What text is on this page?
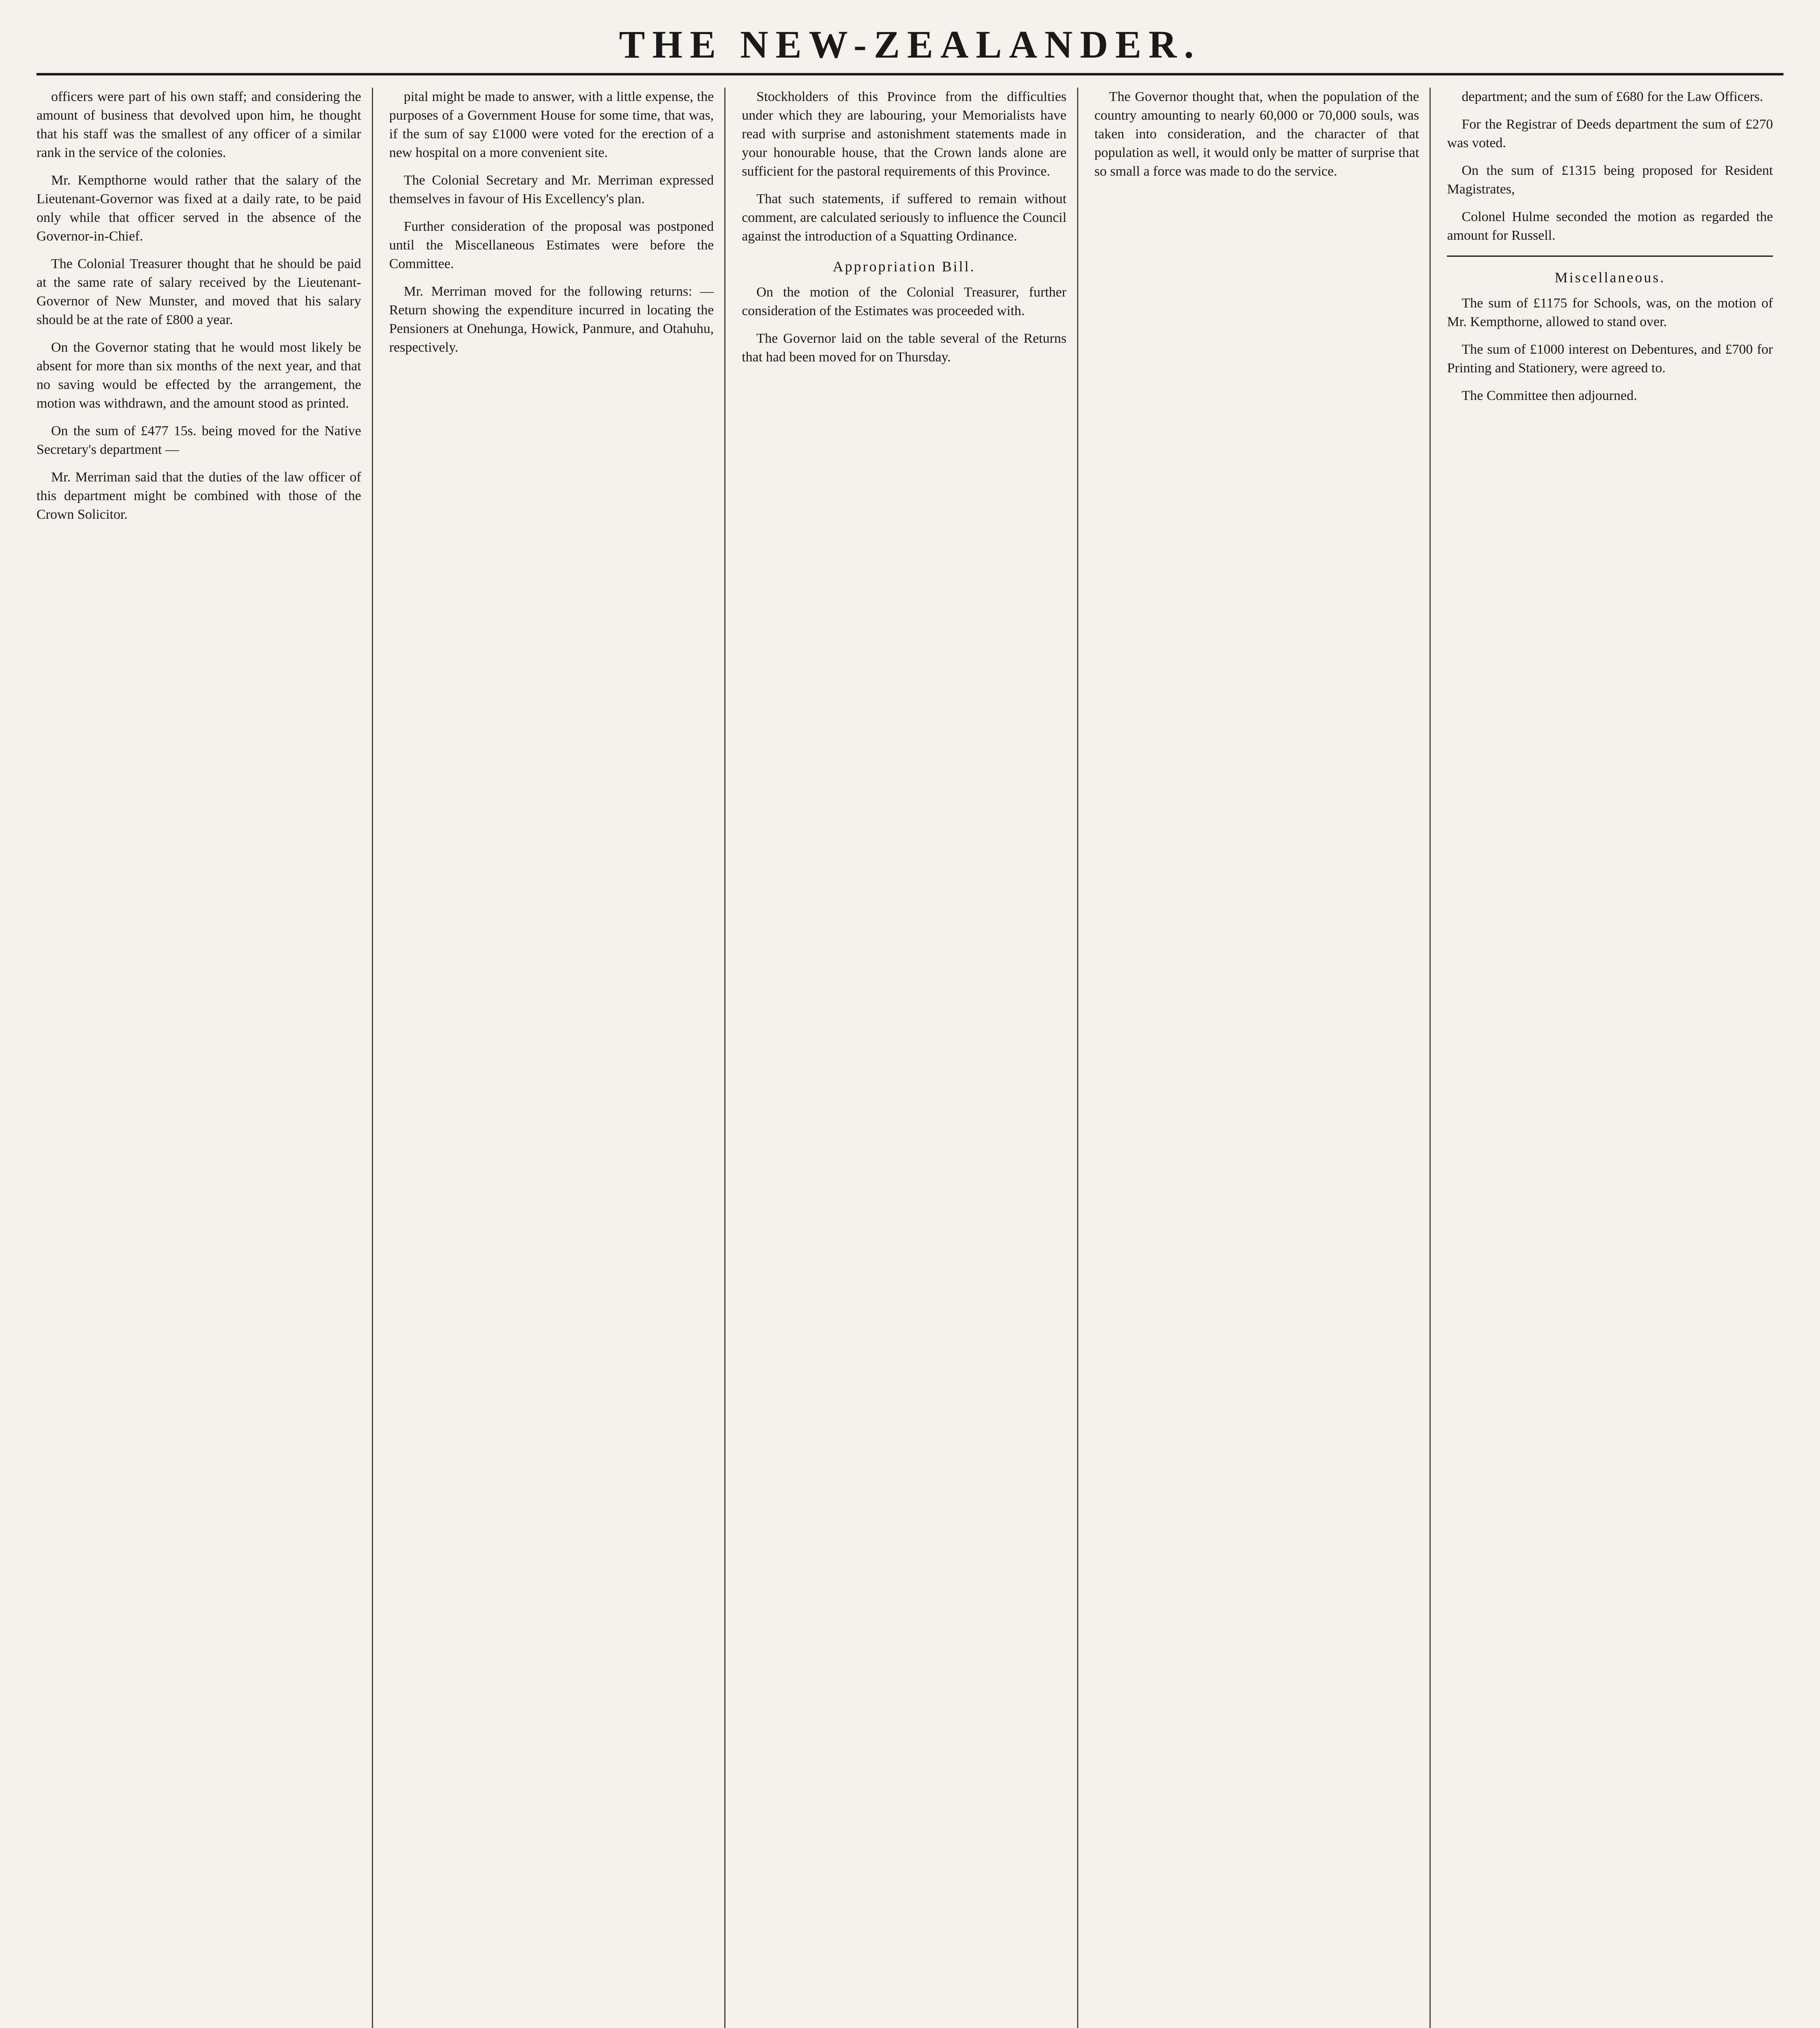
THE NEW-ZEALANDER.

officers were part of his own staff; and considering the amount of business that devolved upon him, he thought that his staff was the smallest of any officer of a similar rank in the service of the colonies.

Mr. Kempthorne would rather that the salary of the Lieutenant-Governor was fixed at a daily rate, to be paid only while that officer served in the absence of the Governor-in-Chief.

The Colonial Treasurer thought that he should be paid at the same rate of salary received by the Lieutenant-Governor of New Munster, and moved that his salary should be at the rate of £800 a year.

On the Governor stating that he would most likely be absent for more than six months of the next year, and that no saving would be effected by the arrangement, the motion was withdrawn, and the amount stood as printed.

On the sum of £477 15s. being moved for the Native Secretary's department —

Mr. Merriman said that the duties of the law officer of this department might be combined with those of the Crown Solicitor.

pital might be made to answer, with a little expense, the purposes of a Government House for some time, that was, if the sum of say £1000 were voted for the erection of a new hospital on a more convenient site.

The Colonial Secretary and Mr. Merriman expressed themselves in favour of His Excellency's plan.

Further consideration of the proposal was postponed until the Miscellaneous Estimates were before the Committee.

Mr. Merriman moved for the following returns: — Return showing the expenditure incurred in locating the Pensioners at Onehunga, Howick, Panmure, and Otahuhu, respectively.

Stockholders of this Province from the difficulties under which they are labouring, your Memorialists have read with surprise and astonishment statements made in your honourable house, that the Crown lands alone are sufficient for the pastoral requirements of this Province.

That such statements, if suffered to remain without comment, are calculated seriously to influence the Council against the introduction of a Squatting Ordinance.

Appropriation Bill.

On the motion of the Colonial Treasurer, further consideration of the Estimates was proceeded with.

The Governor laid on the table several of the Returns that had been moved for on Thursday.

The Governor thought that, when the population of the country amounting to nearly 60,000 or 70,000 souls, was taken into consideration, and the character of that population as well, it would only be matter of surprise that so small a force was made to do the service.

department; and the sum of £680 for the Law Officers.

For the Registrar of Deeds department the sum of £270 was voted.

On the sum of £1315 being proposed for Resident Magistrates,

Colonel Hulme seconded the motion as regarded the amount for Russell.

Miscellaneous.

The sum of £1175 for Schools, was, on the motion of Mr. Kempthorne, allowed to stand over.

The sum of £1000 interest on Debentures, and £700 for Printing and Stationery, were agreed to.

The Committee then adjourned.
